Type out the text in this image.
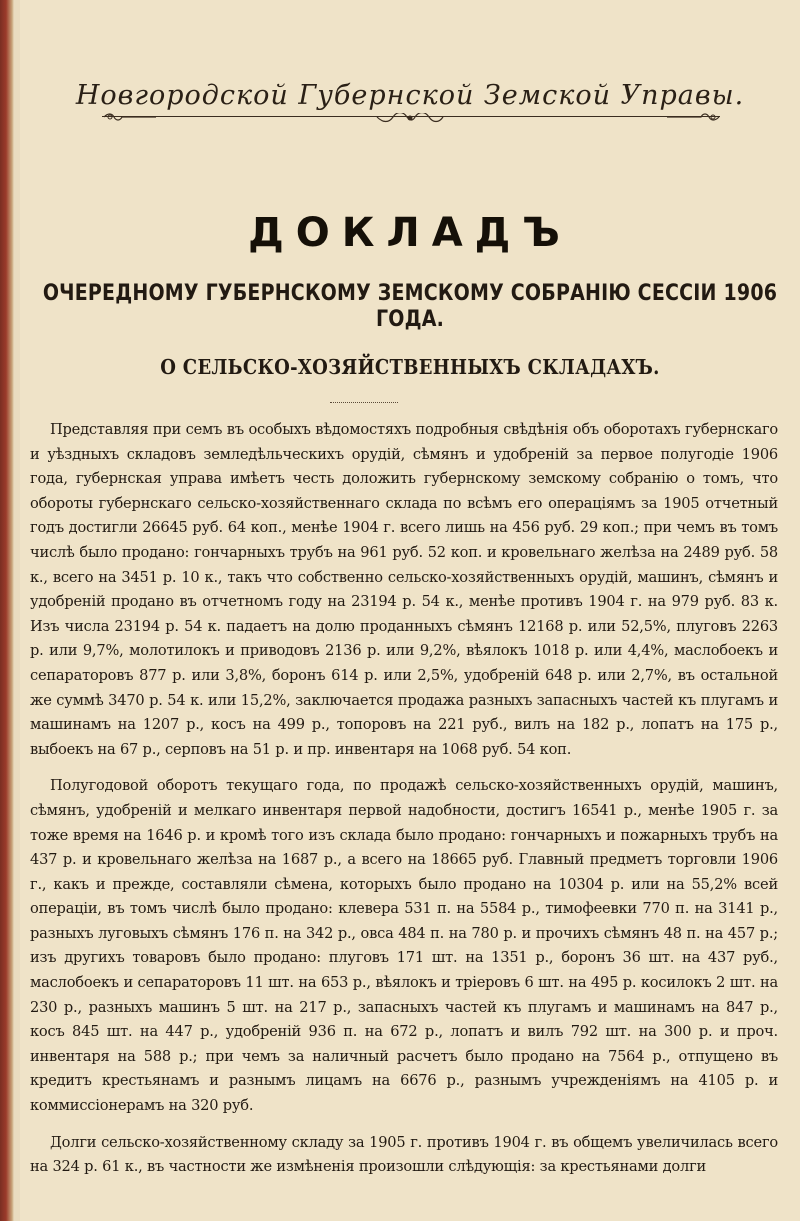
Новгородской Губернской Земской Управы.
ДОКЛАДЪ
ОЧЕРЕДНОМУ ГУБЕРНСКОМУ ЗЕМСКОМУ СОБРАНІЮ СЕССІИ 1906 ГОДА.
О СЕЛЬСКО-ХОЗЯЙСТВЕННЫХЪ СКЛАДАХЪ.

Представляя при семъ въ особыхъ вѣдомостяхъ подробныя свѣдѣнія объ оборотахъ губернскаго и уѣздныхъ складовъ земледѣльческихъ орудій, сѣмянъ и удобреній за первое полугодіе 1906 года, губернская управа имѣетъ честь доложить губернскому земскому собранію о томъ, что обороты губернскаго сельско-хозяйственнаго склада по всѣмъ его операціямъ за 1905 отчетный годъ достигли 26645 руб. 64 коп., менѣе 1904 г. всего лишь на 456 руб. 29 коп.; при чемъ въ томъ числѣ было продано: гончарныхъ трубъ на 961 руб. 52 коп. и кровельнаго желѣза на 2489 руб. 58 к., всего на 3451 р. 10 к., такъ что собственно сельско-хозяйственныхъ орудій, машинъ, сѣмянъ и удобреній продано въ отчетномъ году на 23194 р. 54 к., менѣе противъ 1904 г. на 979 руб. 83 к. Изъ числа 23194 р. 54 к. падаетъ на долю проданныхъ сѣмянъ 12168 р. или 52,5%, плуговъ 2263 р. или 9,7%, молотилокъ и приводовъ 2136 р. или 9,2%, вѣялокъ 1018 р. или 4,4%, маслобоекъ и сепараторовъ 877 р. или 3,8%, боронъ 614 р. или 2,5%, удобреній 648 р. или 2,7%, въ остальной же суммѣ 3470 р. 54 к. или 15,2%, заключается продажа разныхъ запасныхъ частей къ плугамъ и машинамъ на 1207 р., косъ на 499 р., топоровъ на 221 руб., вилъ на 182 р., лопатъ на 175 р., выбоекъ на 67 р., серповъ на 51 р. и пр. инвентаря на 1068 руб. 54 коп.

Полугодовой оборотъ текущаго года, по продажѣ сельско-хозяйственныхъ орудій, машинъ, сѣмянъ, удобреній и мелкаго инвентаря первой надобности, достигъ 16541 р., менѣе 1905 г. за тоже время на 1646 р. и кромѣ того изъ склада было продано: гончарныхъ и пожарныхъ трубъ на 437 р. и кровельнаго желѣза на 1687 р., а всего на 18665 руб. Главный предметъ торговли 1906 г., какъ и прежде, составляли сѣмена, которыхъ было продано на 10304 р. или на 55,2% всей операціи, въ томъ числѣ было продано: клевера 531 п. на 5584 р., тимофеевки 770 п. на 3141 р., разныхъ луговыхъ сѣмянъ 176 п. на 342 р., овса 484 п. на 780 р. и прочихъ сѣмянъ 48 п. на 457 р.; изъ другихъ товаровъ было продано: плуговъ 171 шт. на 1351 р., боронъ 36 шт. на 437 руб., маслобоекъ и сепараторовъ 11 шт. на 653 р., вѣялокъ и тріеровъ 6 шт. на 495 р. косилокъ 2 шт. на 230 р., разныхъ машинъ 5 шт. на 217 р., запасныхъ частей къ плугамъ и машинамъ на 847 р., косъ 845 шт. на 447 р., удобреній 936 п. на 672 р., лопатъ и вилъ 792 шт. на 300 р. и проч. инвентаря на 588 р.; при чемъ за наличный расчетъ было продано на 7564 р., отпущено въ кредитъ крестьянамъ и разнымъ лицамъ на 6676 р., разнымъ учрежденіямъ на 4105 р. и коммиссіонерамъ на 320 руб.

Долги сельско-хозяйственному складу за 1905 г. противъ 1904 г. въ общемъ увеличилась всего на 324 р. 61 к., въ частности же измѣненія произошли слѣдующія: за крестьянами долги
